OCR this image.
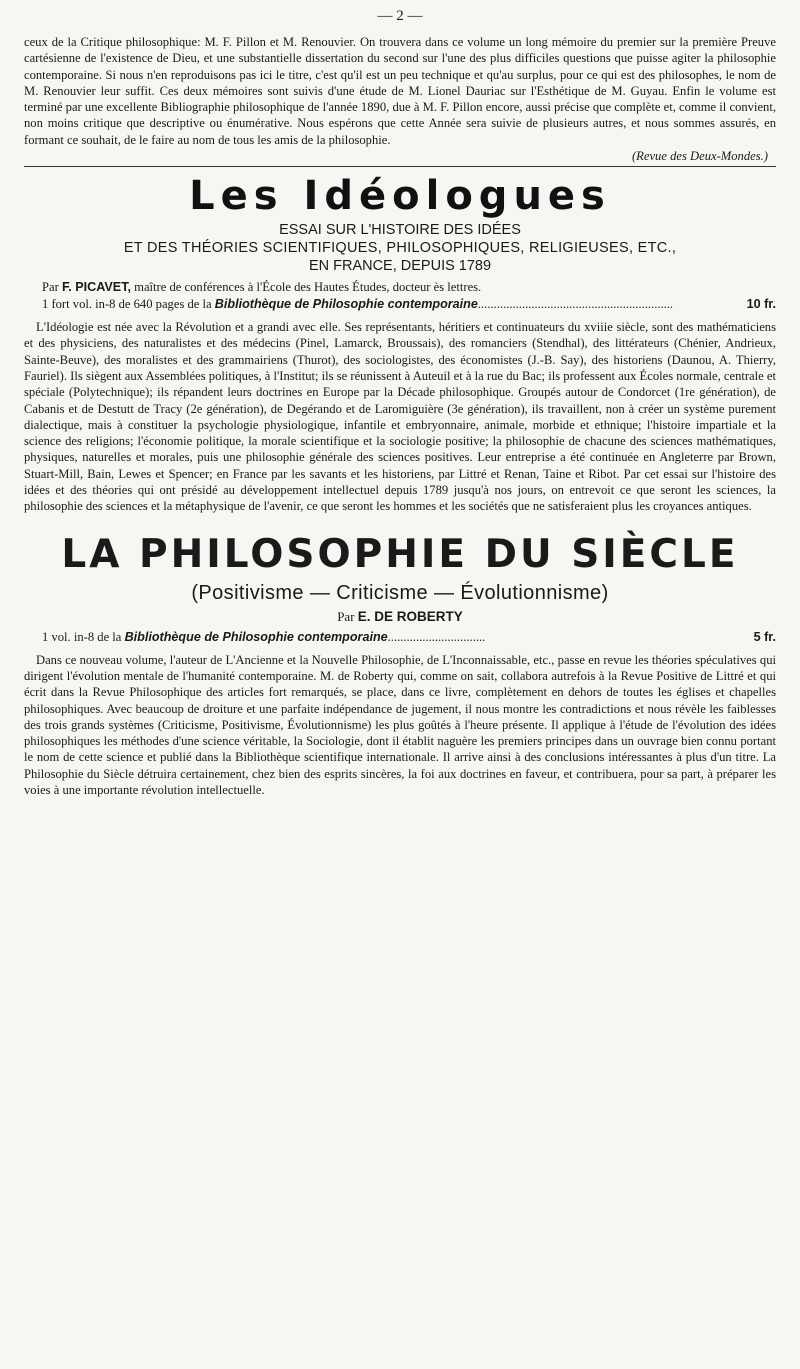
— 2 —

ceux de la Critique philosophique: M. F. Pillon et M. Renouvier. On trouvera dans ce volume un long mémoire du premier sur la première Preuve cartésienne de l'existence de Dieu, et une substantielle dissertation du second sur l'une des plus difficiles questions que puisse agiter la philosophie contemporaine. Si nous n'en reproduisons pas ici le titre, c'est qu'il est un peu technique et qu'au surplus, pour ce qui est des philosophes, le nom de M. Renouvier leur suffit. Ces deux mémoires sont suivis d'une étude de M. Lionel Dauriac sur l'Esthétique de M. Guyau. Enfin le volume est terminé par une excellente Bibliographie philosophique de l'année 1890, due à M. F. Pillon encore, aussi précise que complète et, comme il convient, non moins critique que descriptive ou énumérative. Nous espérons que cette Année sera suivie de plusieurs autres, et nous sommes assurés, en formant ce souhait, de le faire au nom de tous les amis de la philosophie.

(Revue des Deux-Mondes.)

Les Idéologues

ESSAI SUR L'HISTOIRE DES IDÉES

ET DES THÉORIES SCIENTIFIQUES, PHILOSOPHIQUES, RELIGIEUSES, ETC.,

EN FRANCE, DEPUIS 1789

Par F. PICAVET, maître de conférences à l'École des Hautes Études, docteur ès lettres.

1 fort vol. in-8 de 640 pages de la
Bibliothèque de Philosophie contemporaine ..............................................................	10 fr.

L'Idéologie est née avec la Révolution et a grandi avec elle. Ses représentants, héritiers et continuateurs du xviiie siècle, sont des mathématiciens et des physiciens, des naturalistes et des médecins (Pinel, Lamarck, Broussais), des romanciers (Stendhal), des littérateurs (Chénier, Andrieux, Sainte-Beuve), des moralistes et des grammairiens (Thurot), des sociologistes, des économistes (J.-B. Say), des historiens (Daunou, A. Thierry, Fauriel). Ils siègent aux Assemblées politiques, à l'Institut; ils se réunissent à Auteuil et à la rue du Bac; ils professent aux Écoles normale, centrale et spéciale (Polytechnique); ils répandent leurs doctrines en Europe par la Décade philosophique. Groupés autour de Condorcet (1re génération), de Cabanis et de Destutt de Tracy (2e génération), de Degérando et de Laromiguière (3e génération), ils travaillent, non à créer un système purement dialectique, mais à constituer la psychologie physiologique, infantile et embryonnaire, animale, morbide et ethnique; l'histoire impartiale et la science des religions; l'économie politique, la morale scientifique et la sociologie positive; la philosophie de chacune des sciences mathématiques, physiques, naturelles et morales, puis une philosophie générale des sciences positives. Leur entreprise a été continuée en Angleterre par Brown, Stuart-Mill, Bain, Lewes et Spencer; en France par les savants et les historiens, par Littré et Renan, Taine et Ribot. Par cet essai sur l'histoire des idées et des théories qui ont présidé au développement intellectuel depuis 1789 jusqu'à nos jours, on entrevoit ce que seront les sciences, la philosophie des sciences et la métaphysique de l'avenir, ce que seront les hommes et les sociétés que ne satisferaient plus les croyances antiques.

LA PHILOSOPHIE DU SIÈCLE
(Positivisme — Criticisme — Évolutionnisme)

Par E. DE ROBERTY

1 vol. in-8 de la
Bibliothèque de Philosophie contemporaine ...............................	5 fr.

Dans ce nouveau volume, l'auteur de L'Ancienne et la Nouvelle Philosophie, de L'Inconnaissable, etc., passe en revue les théories spéculatives qui dirigent l'évolution mentale de l'humanité contemporaine. M. de Roberty qui, comme on sait, collabora autrefois à la Revue Positive de Littré et qui écrit dans la Revue Philosophique des articles fort remarqués, se place, dans ce livre, complètement en dehors de toutes les églises et chapelles philosophiques. Avec beaucoup de droiture et une parfaite indépendance de jugement, il nous montre les contradictions et nous révèle les faiblesses des trois grands systèmes (Criticisme, Positivisme, Évolutionnisme) les plus goûtés à l'heure présente. Il applique à l'étude de l'évolution des idées philosophiques les méthodes d'une science véritable, la Sociologie, dont il établit naguère les premiers principes dans un ouvrage bien connu portant le nom de cette science et publié dans la Bibliothèque scientifique internationale. Il arrive ainsi à des conclusions intéressantes à plus d'un titre. La Philosophie du Siècle détruira certainement, chez bien des esprits sincères, la foi aux doctrines en faveur, et contribuera, pour sa part, à préparer les voies à une importante révolution intellectuelle.
